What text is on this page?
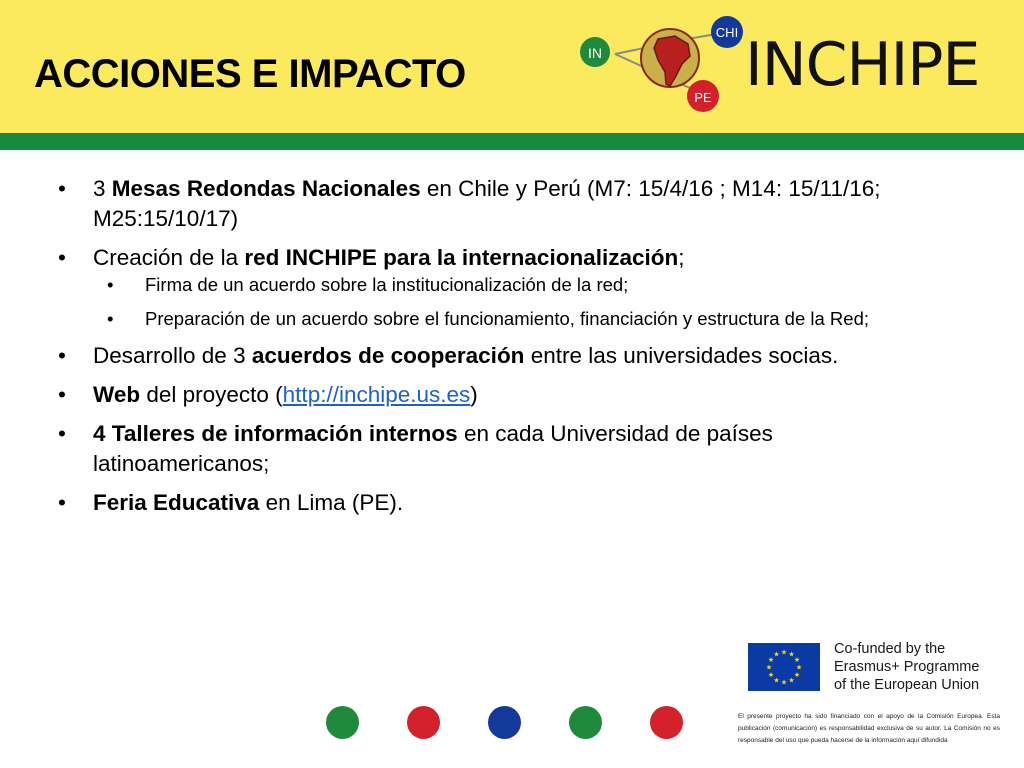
ACCIONES E IMPACTO	IN
CHI
PE INCHIPE
• 3 Mesas Redondas Nacionales en Chile y Perú (M7: 15/4/16 ; M14: 15/11/16; M25:15/10/17)
• Creación de la red INCHIPE para la internacionalización;
• Firma de un acuerdo sobre la institucionalización de la red;
• Preparación de un acuerdo sobre el funcionamiento, financiación y estructura de la Red;
• Desarrollo de 3 acuerdos de cooperación entre las universidades socias.
• Web del proyecto (http://inchipe.us.es)
• 4 Talleres de información internos en cada Universidad de países latinoamericanos;
• Feria Educativa en Lima (PE).
★
★
★
★
★
★
★
★
★ ★ ★
★
Co-funded by the
Erasmus+ Programme
of the European Union
El presente proyecto ha sido financiado con el apoyo de la Comisión Europea. Esta publicación (comunicación) es responsabilidad exclusiva de su autor. La Comisión no es responsable del uso que pueda hacerse de la información aquí difundida
